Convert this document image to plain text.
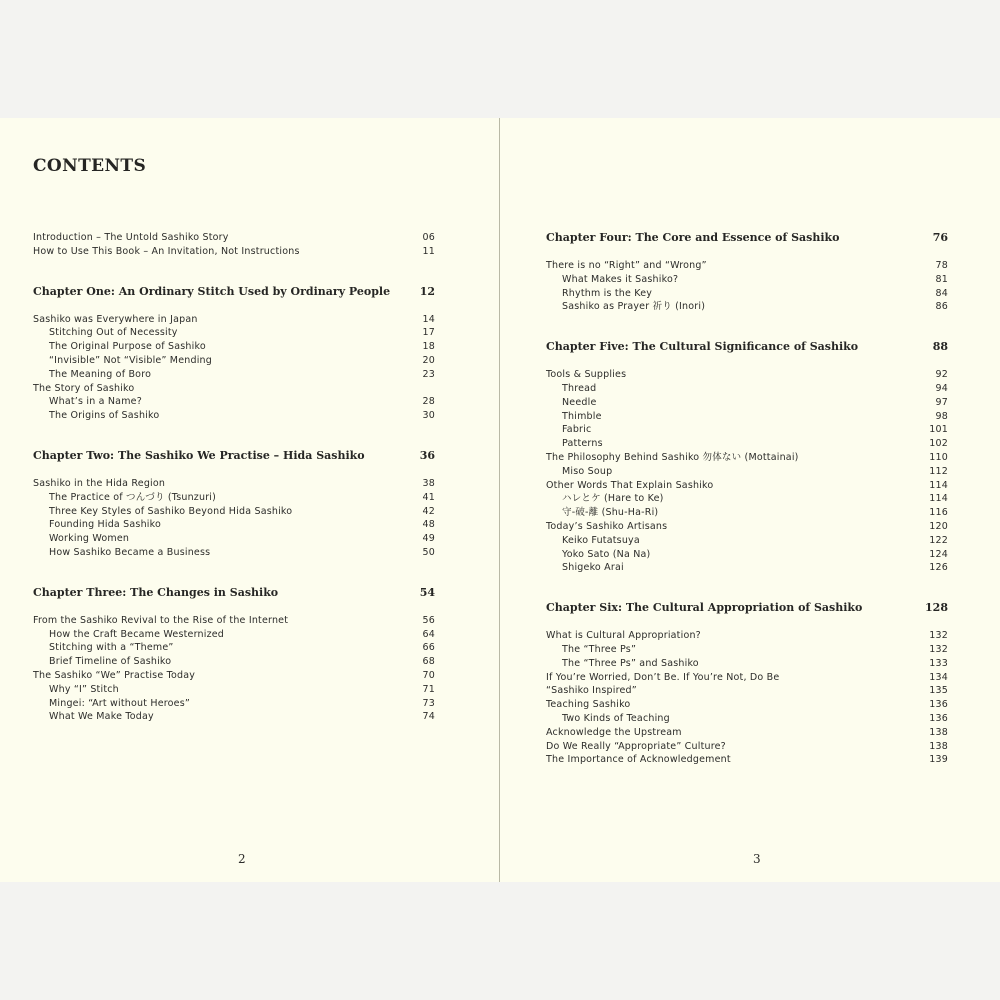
CONTENTS
Introduction – The Untold Sashiko Story	06
How to Use This Book – An Invitation, Not Instructions	11
Chapter One: An Ordinary Stitch Used by Ordinary People	12
Sashiko was Everywhere in Japan	14
Stitching Out of Necessity	17
The Original Purpose of Sashiko	18
“Invisible” Not “Visible” Mending	20
The Meaning of Boro	23
The Story of Sashiko
What’s in a Name?	28
The Origins of Sashiko	30
Chapter Two: The Sashiko We Practise – Hida Sashiko	36
Sashiko in the Hida Region	38
The Practice of つんづり (Tsunzuri)	41
Three Key Styles of Sashiko Beyond Hida Sashiko	42
Founding Hida Sashiko	48
Working Women	49
How Sashiko Became a Business	50
Chapter Three: The Changes in Sashiko	54
From the Sashiko Revival to the Rise of the Internet	56
How the Craft Became Westernized	64
Stitching with a “Theme”	66
Brief Timeline of Sashiko	68
The Sashiko “We” Practise Today	70
Why “I” Stitch	71
Mingei: “Art without Heroes”	73
What We Make Today	74
2
Chapter Four: The Core and Essence of Sashiko	76
There is no “Right” and “Wrong”	78
What Makes it Sashiko?	81
Rhythm is the Key	84
Sashiko as Prayer 祈り (Inori)	86
Chapter Five: The Cultural Significance of Sashiko	88
Tools & Supplies	92
Thread	94
Needle	97
Thimble	98
Fabric	101
Patterns	102
The Philosophy Behind Sashiko 勿体ない (Mottainai)	110
Miso Soup	112
Other Words That Explain Sashiko	114
ハレとケ (Hare to Ke)	114
守-破-離 (Shu-Ha-Ri)	116
Today’s Sashiko Artisans	120
Keiko Futatsuya	122
Yoko Sato (Na Na)	124
Shigeko Arai	126
Chapter Six: The Cultural Appropriation of Sashiko	128
What is Cultural Appropriation?	132
The “Three Ps”	132
The “Three Ps” and Sashiko	133
If You’re Worried, Don’t Be. If You’re Not, Do Be	134
“Sashiko Inspired”	135
Teaching Sashiko	136
Two Kinds of Teaching	136
Acknowledge the Upstream	138
Do We Really “Appropriate” Culture?	138
The Importance of Acknowledgement	139
3
